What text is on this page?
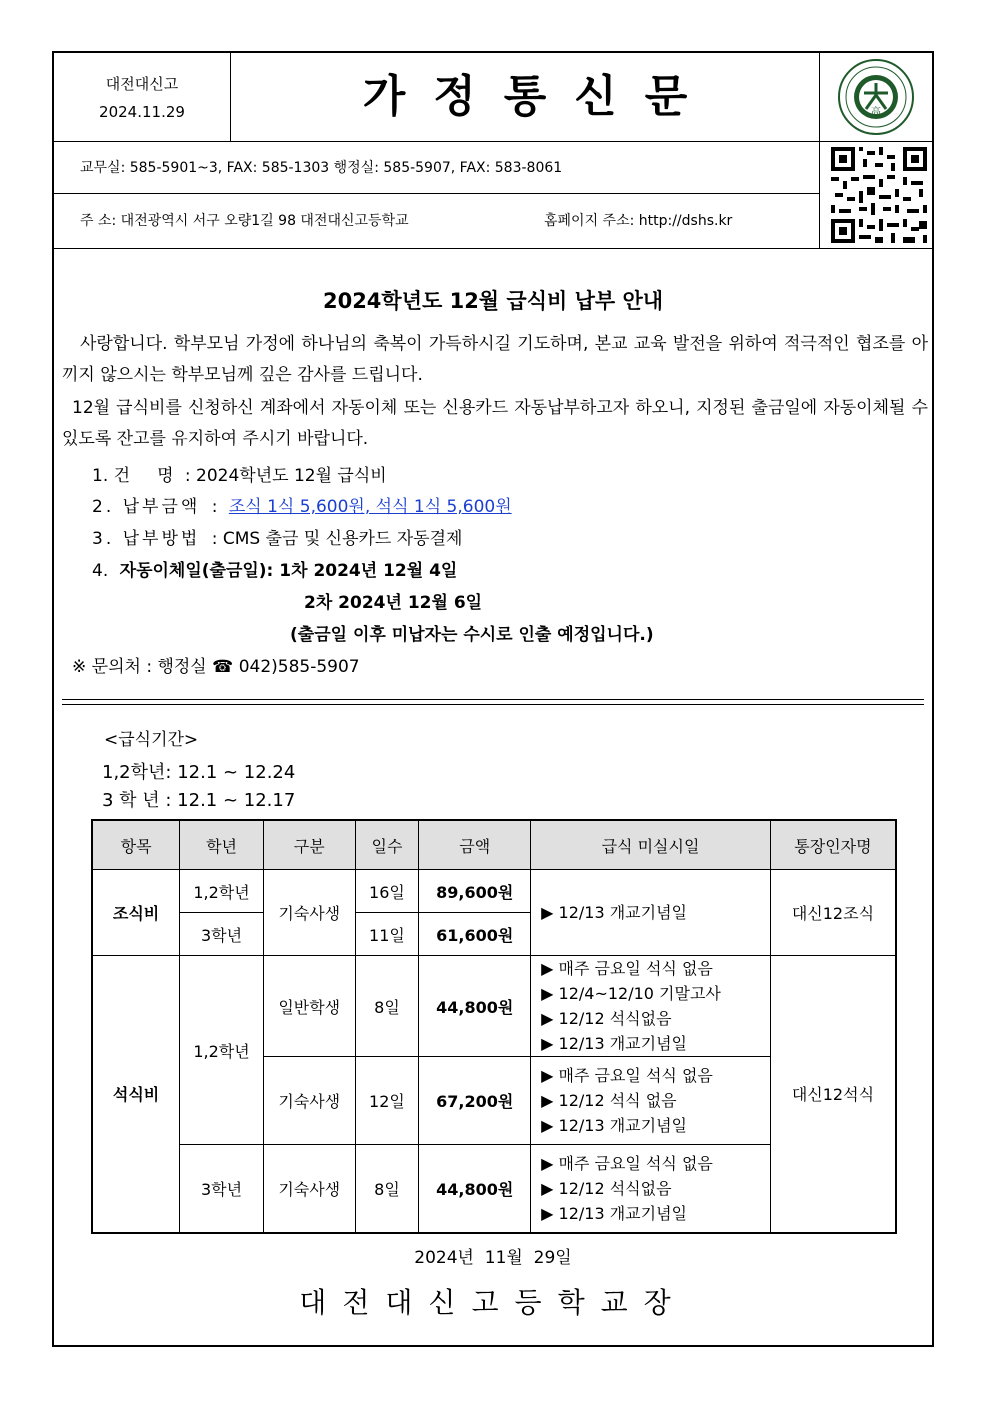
대전대신고
2024.11.29	가정통신문	高
교무실: 585-5901~3, FAX: 585-1303 행정실: 585-5907, FAX: 583-8061
주 소: 대전광역시 서구 오량1길 98 대전대신고등학교	홈페이지 주소: http://dshs.kr
2024학년도 12월 급식비 납부 안내
사랑합니다. 학부모님 가정에 하나님의 축복이 가득하시길 기도하며, 본교 교육 발전을 위하여 적극적인 협조를 아끼지 않으시는 학부모님께 깊은 감사를 드립니다.
12월 급식비를 신청하신 계좌에서 자동이체 또는 신용카드 자동납부하고자 하오니, 지정된 출금일에 자동이체될 수 있도록 잔고를 유지하여 주시기 바랍니다.
1. 건     명 : 2024학년도 12월 급식비
2. 납부금액 : 조식 1식 5,600원, 석식 1식 5,600원
3. 납부방법 : CMS 출금 및 신용카드 자동결제
4. 자동이체일(출금일): 1차 2024년 12월 4일
2차 2024년 12월 6일
(출금일 이후 미납자는 수시로 인출 예정입니다.)
※ 문의처 : 행정실 ☎ 042)585-5907
<급식기간>
1,2학년: 12.1 ~ 12.24
3 학 년 : 12.1 ~ 12.17
항목	학년	구분	일수	금액	급식 미실시일	통장인자명
조식비	1,2학년	기숙사생	16일	89,600원	▶ 12/13 개교기념일	대신12조식
	3학년		11일	61,600원		
석식비	1,2학년	일반학생	8일	44,800원	▶ 매주 금요일 석식 없음
▶ 12/4~12/10 기말고사
▶ 12/12 석식없음
▶ 12/13 개교기념일	대신12석식
		기숙사생	12일	67,200원	▶ 매주 금요일 석식 없음
▶ 12/12 석식 없음
▶ 12/13 개교기념일	

	3학년	기숙사생	8일	44,800원	▶ 매주 금요일 석식 없음
▶ 12/12 석식없음
▶ 12/13 개교기념일	
2024년  11월  29일
대전대신고등학교장
